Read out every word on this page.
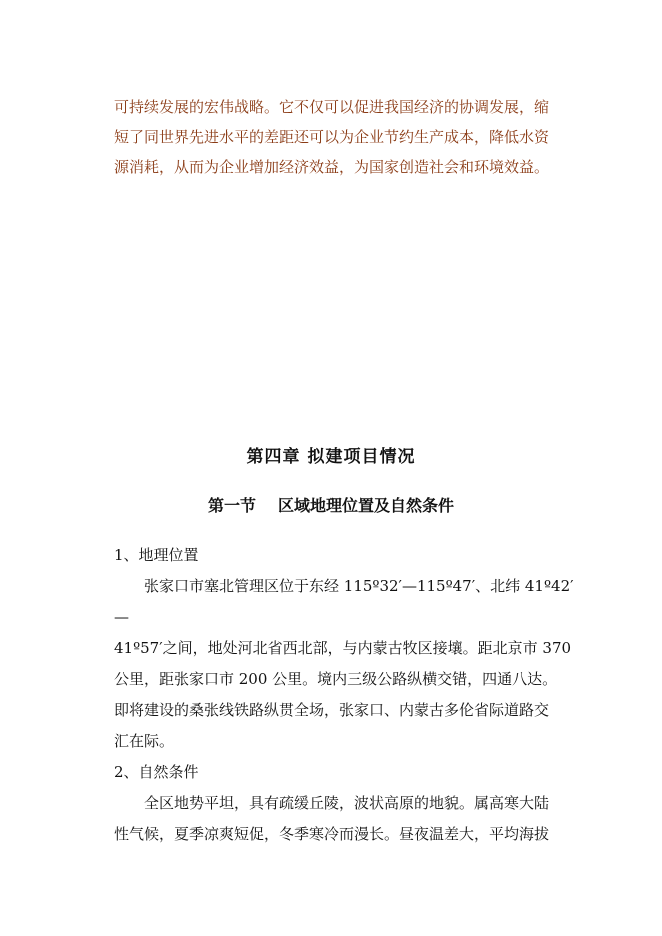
可持续发展的宏伟战略。它不仅可以促进我国经济的协调发展，缩

短了同世界先进水平的差距还可以为企业节约生产成本，降低水资

源消耗，从而为企业增加经济效益，为国家创造社会和环境效益。

第四章 拟建项目情况
第一节 区域地理位置及自然条件

1、地理位置

张家口市塞北管理区位于东经 115º32′—115º47′、北纬 41º42′—

41º57′之间，地处河北省西北部，与内蒙古牧区接壤。距北京市 370

公里，距张家口市 200 公里。境内三级公路纵横交错，四通八达。

即将建设的桑张线铁路纵贯全场，张家口、内蒙古多伦省际道路交

汇在际。

2、自然条件

全区地势平坦，具有疏缓丘陵，波状高原的地貌。属高寒大陆

性气候，夏季凉爽短促，冬季寒冷而漫长。昼夜温差大，平均海拔
